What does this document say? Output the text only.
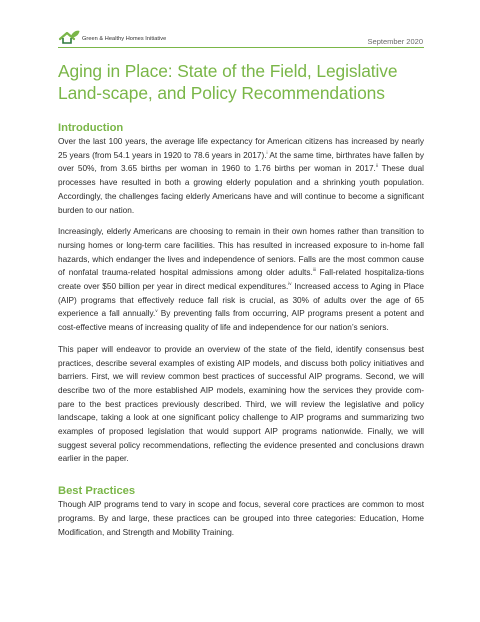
Green & Healthy Homes Initiative	September 2020
Aging in Place: State of the Field, Legislative Land-scape, and Policy Recommendations
Introduction

Over the last 100 years, the average life expectancy for American citizens has increased by nearly 25 years (from 54.1 years in 1920 to 78.6 years in 2017).$^i$ At the same time, birthrates have fallen by over 50%, from 3.65 births per woman in 1960 to 1.76 births per woman in 2017.$^{ii}$ These dual processes have resulted in both a growing elderly population and a shrinking youth population. Accordingly, the challenges facing elderly Americans have and will continue to become a significant burden to our nation.

Increasingly, elderly Americans are choosing to remain in their own homes rather than transition to nursing homes or long-term care facilities. This has resulted in increased exposure to in-home fall hazards, which endanger the lives and independence of seniors. Falls are the most common cause of nonfatal trauma-related hospital admissions among older adults.$^{iii}$ Fall-related hospitaliza-tions create over $50 billion per year in direct medical expenditures.$^{iv}$ Increased access to Aging in Place (AIP) programs that effectively reduce fall risk is crucial, as 30% of adults over the age of 65 experience a fall annually.$^v$ By preventing falls from occurring, AIP programs present a potent and cost-effective means of increasing quality of life and independence for our nation’s seniors.

This paper will endeavor to provide an overview of the state of the field, identify consensus best practices, describe several examples of existing AIP models, and discuss both policy initiatives and barriers. First, we will review common best practices of successful AIP programs. Second, we will describe two of the more established AIP models, examining how the services they provide com-pare to the best practices previously described. Third, we will review the legislative and policy landscape, taking a look at one significant policy challenge to AIP programs and summarizing two examples of proposed legislation that would support AIP programs nationwide. Finally, we will suggest several policy recommendations, reflecting the evidence presented and conclusions drawn earlier in the paper.

Best Practices

Though AIP programs tend to vary in scope and focus, several core practices are common to most programs. By and large, these practices can be grouped into three categories: Education, Home Modification, and Strength and Mobility Training.
